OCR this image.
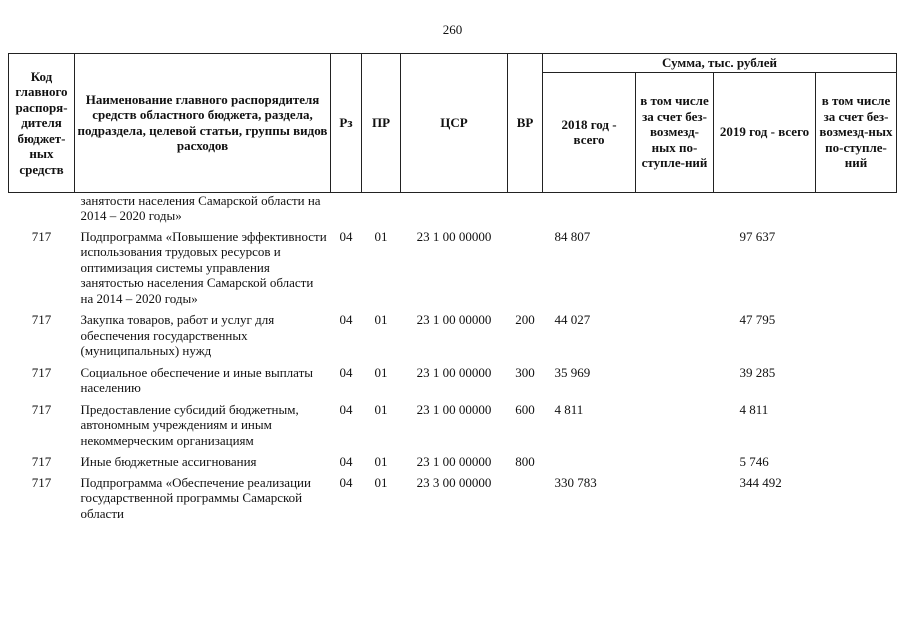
260
Код главного распоря-дителя бюджет-ных средств	Наименование главного распорядителя средств областного бюджета, раздела, подраздела, целевой статьи, группы видов расходов	Рз	ПР	ЦСР	ВР	Сумма, тыс. рублей			
						2018 год - всего	в том числе за счет без-возмезд-ных по-ступле-ний	2019 год - всего	в том числе за счет без-возмезд-ных по-ступле-ний
	занятости населения Самарской области на 2014 – 2020 годы»								

717	Подпрограмма «Повышение эффективности использования трудовых ресурсов и оптимизация системы управления занятостью населения Самарской области на 2014 – 2020 годы»	04	01	23 1 00 00000		84 807		97 637	

717	Закупка товаров, работ и услуг для обеспечения государственных (муниципальных) нужд	04	01	23 1 00 00000	200	44 027		47 795	

717	Социальное обеспечение и иные выплаты населению	04	01	23 1 00 00000	300	35 969		39 285	

717	Предоставление субсидий бюджетным, автономным учреждениям и иным некоммерческим организациям	04	01	23 1 00 00000	600	4 811		4 811	

717	Иные бюджетные ассигнования	04	01	23 1 00 00000	800			5 746	

717	Подпрограмма «Обеспечение реализации государственной программы Самарской области	04	01	23 3 00 00000		330 783		344 492	
